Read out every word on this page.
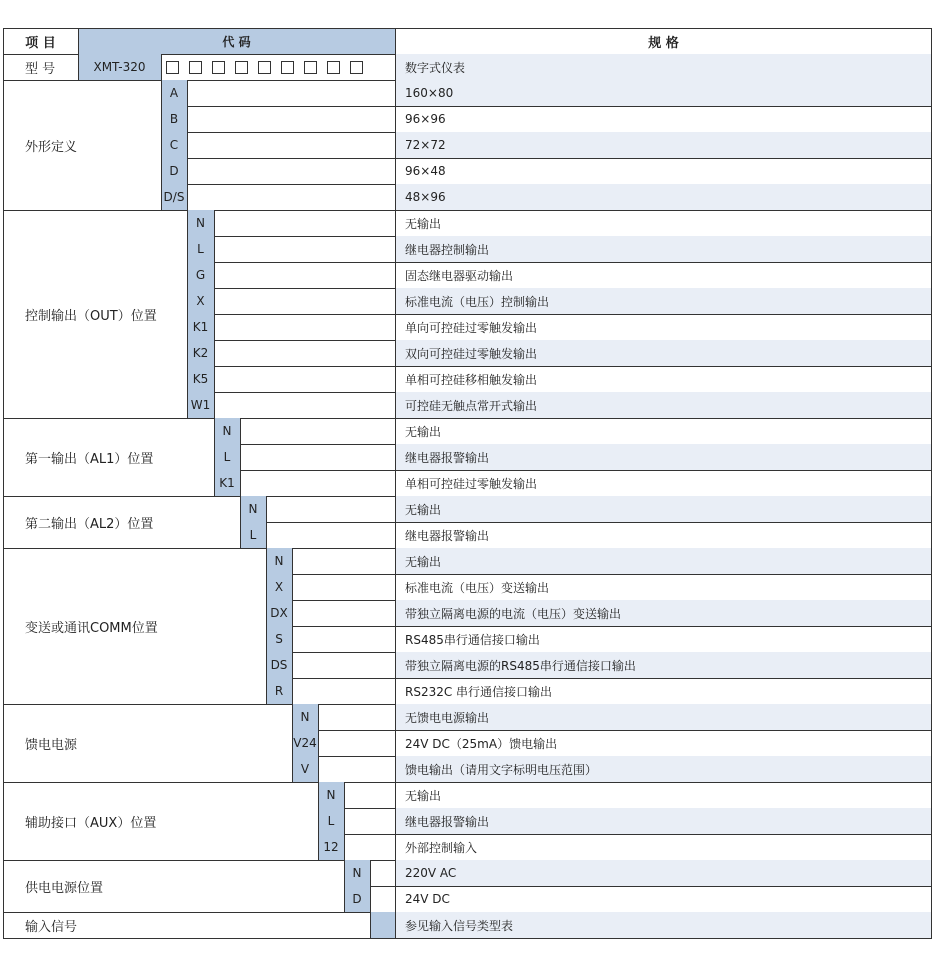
项 目	代 码	规 格
型 号	XMT-320	数字式仪表
外形定义
A	160×80
B	96×96
C	72×72
D	96×48
D/S	48×96
控制输出（OUT）位置
N	无输出
L	继电器控制输出
G	固态继电器驱动输出
X	标准电流（电压）控制输出
K1	单向可控硅过零触发输出
K2	双向可控硅过零触发输出
K5	单相可控硅移相触发输出
W1	可控硅无触点常开式输出
第一输出（AL1）位置
N	无输出
L	继电器报警输出
K1	单相可控硅过零触发输出
第二输出（AL2）位置
N	无输出
L	继电器报警输出
变送或通讯COMM位置
N	无输出
X	标准电流（电压）变送输出
DX	带独立隔离电源的电流（电压）变送输出
S	RS485串行通信接口输出
DS	带独立隔离电源的RS485串行通信接口输出
R	RS232C 串行通信接口输出
馈电电源
N	无馈电电源输出
V24	24V DC（25mA）馈电输出
V	馈电输出（请用文字标明电压范围）
辅助接口（AUX）位置
N	无输出
L	继电器报警输出
12	外部控制输入
供电电源位置
N	220V AC
D	24V DC
输入信号	参见输入信号类型表
